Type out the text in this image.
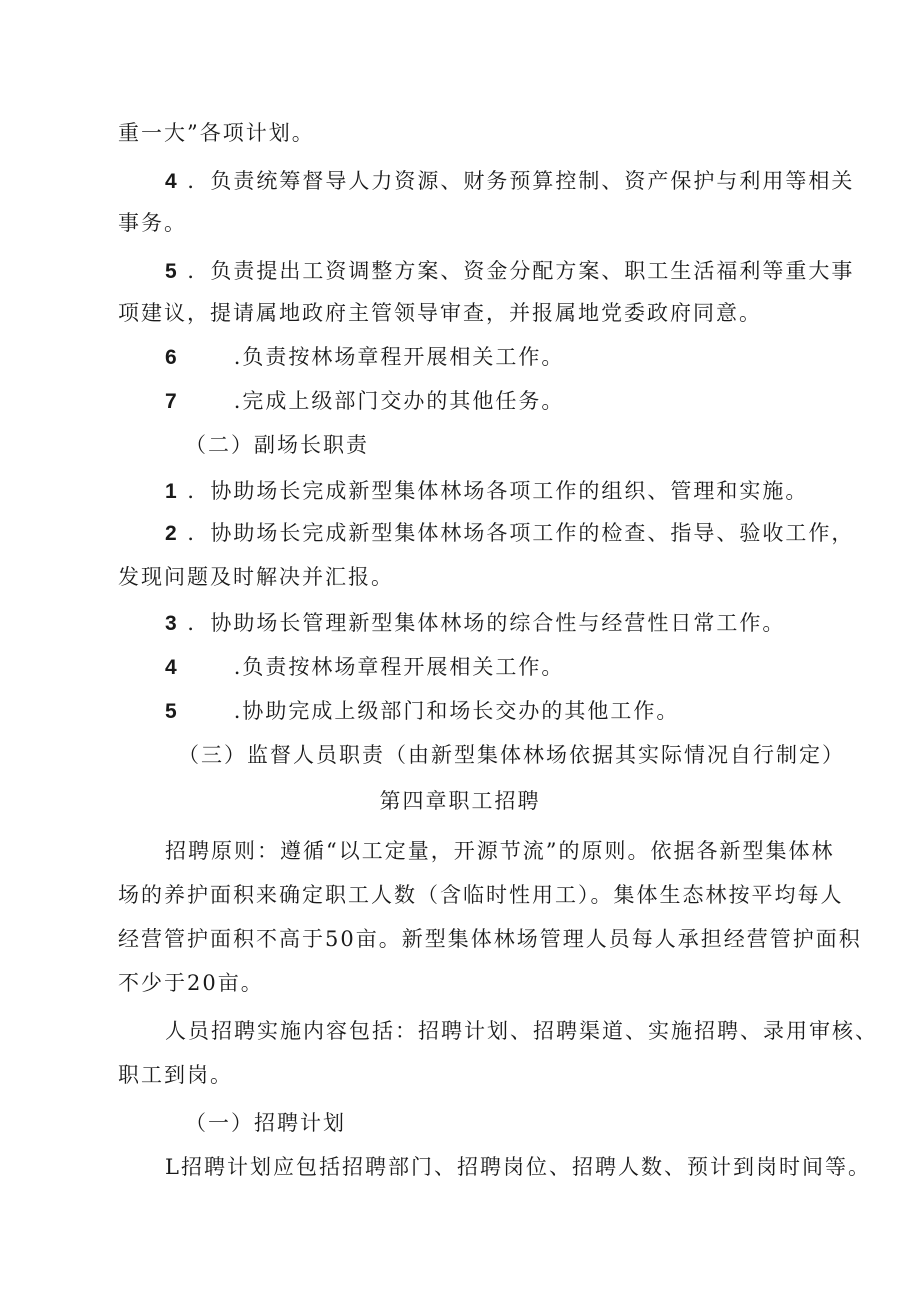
重一大”各项计划。
4 ．负责统筹督导人力资源、财务预算控制、资产保护与利用等相关
事务。
5 ．负责提出工资调整方案、资金分配方案、职工生活福利等重大事
项建议，提请属地政府主管领导审查，并报属地党委政府同意。
6	.负责按林场章程开展相关工作。
7	.完成上级部门交办的其他任务。
（二）副场长职责
1 ．协助场长完成新型集体林场各项工作的组织、管理和实施。
2 ．协助场长完成新型集体林场各项工作的检查、指导、验收工作，
发现问题及时解决并汇报。
3 ．协助场长管理新型集体林场的综合性与经营性日常工作。
4	.负责按林场章程开展相关工作。
5	.协助完成上级部门和场长交办的其他工作。
（三）监督人员职责（由新型集体林场依据其实际情况自行制定）
第四章职工招聘
招聘原则：遵循“以工定量，开源节流”的原则。依据各新型集体林
场的养护面积来确定职工人数（含临时性用工）。集体生态林按平均每人
经营管护面积不高于50亩。新型集体林场管理人员每人承担经营管护面积
不少于20亩。
人员招聘实施内容包括：招聘计划、招聘渠道、实施招聘、录用审核、
职工到岗。
（一）招聘计划
L招聘计划应包括招聘部门、招聘岗位、招聘人数、预计到岗时间等。
